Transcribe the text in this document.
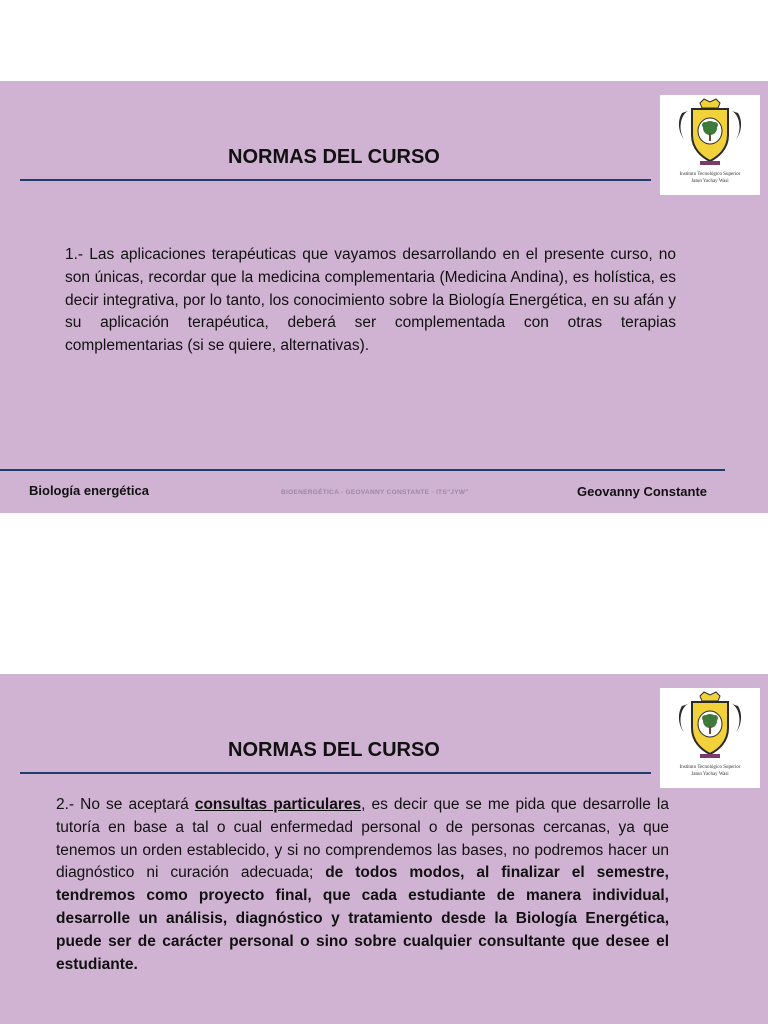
NORMAS DEL CURSO
Instituto Tecnológico Superior
Jatun Yachay Wasi
1.- Las aplicaciones terapéuticas que vayamos desarrollando en el presente curso, no son únicas, recordar que la medicina complementaria (Medicina Andina), es holística, es decir integrativa, por lo tanto, los conocimiento sobre la Biología Energética, en su afán y su aplicación terapéutica, deberá ser complementada con otras terapias complementarias (si se quiere, alternativas).
Biología energética	BIOENERGÉTICA - GEOVANNY CONSTANTE - ITS"JYW"	Geovanny Constante
NORMAS DEL CURSO
Instituto Tecnológico Superior
Jatun Yachay Wasi
2.- No se aceptará consultas particulares, es decir que se me pida que desarrolle la tutoría en base a tal o cual enfermedad personal o de personas cercanas, ya que tenemos un orden establecido, y si no comprendemos las bases, no podremos hacer un diagnóstico ni curación adecuada; de todos modos, al finalizar el semestre, tendremos como proyecto final, que cada estudiante de manera individual, desarrolle un análisis, diagnóstico y tratamiento desde la Biología Energética, puede ser de carácter personal o sino sobre cualquier consultante que desee el estudiante.
